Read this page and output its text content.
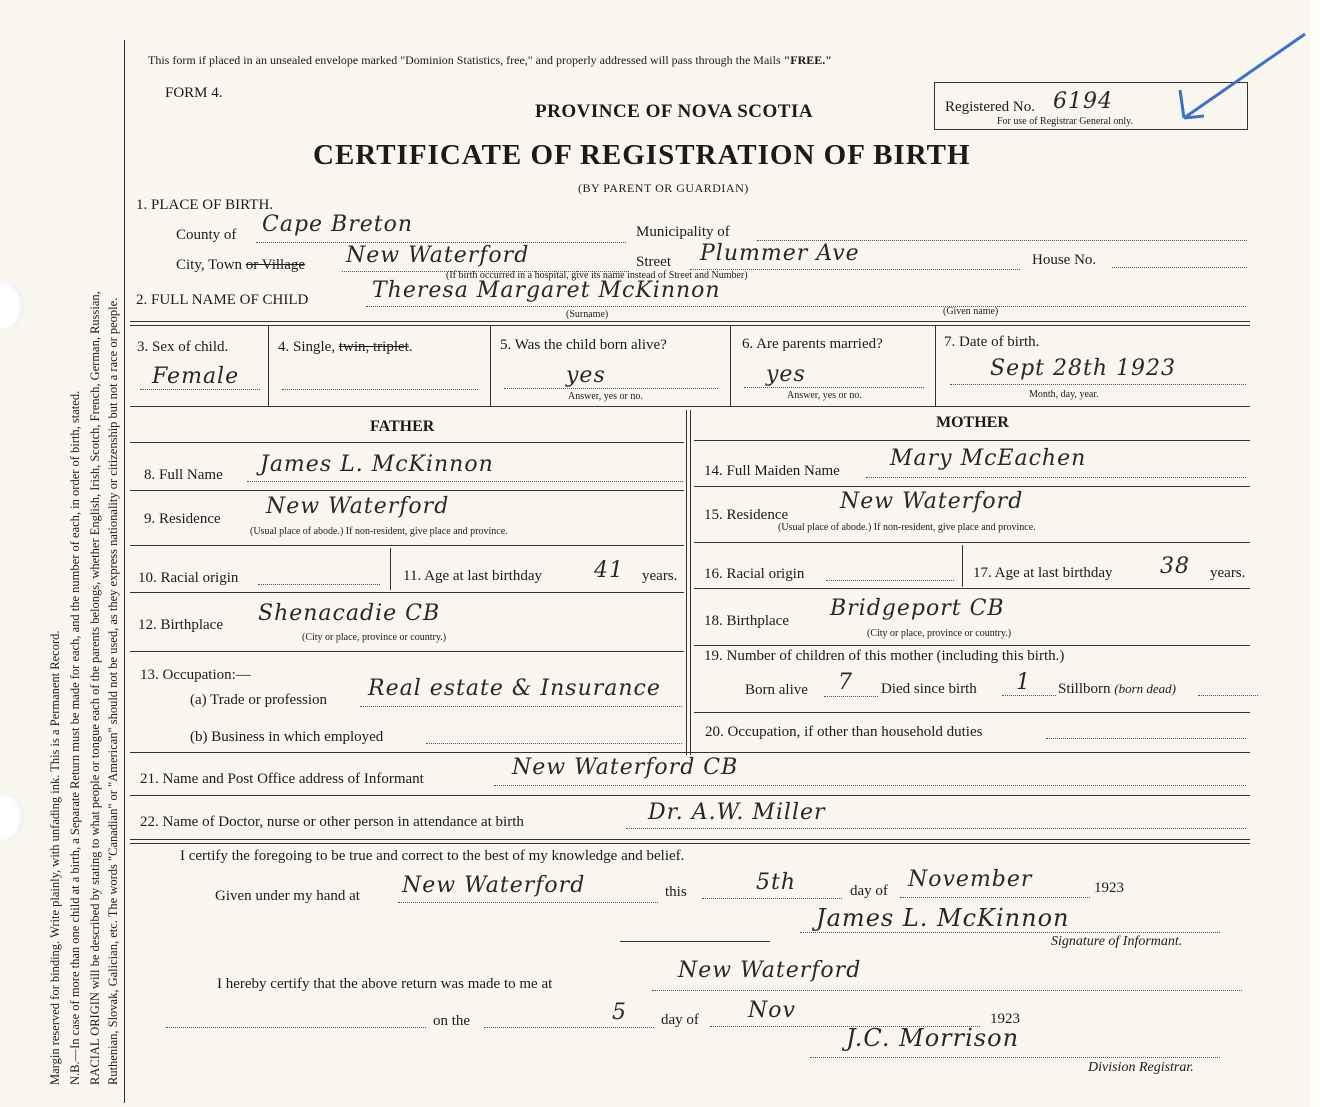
Margin reserved for binding. Write plainly, with unfading ink. This is a Permanent Record. N.B.—In case of more than one child at a birth, a Separate Return must be made for each, and the number of each, in order of birth, stated. RACIAL ORIGIN will be described by stating to what people or tongue each of the parents belongs, whether English, Irish, Scotch, French, German, Russian, Ruthenian, Slovak, Galician, etc. The words "Canadian" or "American" should not be used, as they express nationality or citizenship but not a race or people.
This form if placed in an unsealed envelope marked "Dominion Statistics, free," and properly addressed will pass through the Mails "FREE."
FORM 4.
PROVINCE OF NOVA SCOTIA
CERTIFICATE OF REGISTRATION OF BIRTH
(BY PARENT OR GUARDIAN)
Registered No. 6194
For use of Registrar General only.
1. PLACE OF BIRTH.
County of Cape Breton	Municipality of
City, Town or Village New Waterford	Street Plummer Ave	House No.
(If birth occurred in a hospital, give its name instead of Street and Number)
2. FULL NAME OF CHILD	Theresa Margaret McKinnon
(Surname)	(Given name)
3. Sex of child.
Female
4. Single, twin, triplet.	5. Was the child born alive?
yes
Answer, yes or no.
6. Are parents married?
yes
Answer, yes or no.
7. Date of birth.
Sept 28th 1923
Month, day, year.
FATHER	MOTHER
8. Full Name James L. McKinnon
9. Residence New Waterford
(Usual place of abode.) If non-resident, give place and province.
10. Racial origin	11. Age at last birthday 41 years.
12. Birthplace Shenacadie CB
(City or place, province or country.)
13. Occupation:—
(a) Trade or profession Real estate & Insurance
(b) Business in which employed
14. Full Maiden Name Mary McEachen
15. Residence
New Waterford
(Usual place of abode.) If non-resident, give place and province.
16. Racial origin	17. Age at last birthday 38 years.
18. Birthplace Bridgeport CB
(City or place, province or country.)
19. Number of children of this mother (including this birth.)
Born alive 7 Died since birth 1 Stillborn (born dead)
20. Occupation, if other than household duties
21. Name and Post Office address of Informant	New Waterford CB
22. Name of Doctor, nurse or other person in attendance at birth	Dr. A.W. Miller
I certify the foregoing to be true and correct to the best of my knowledge and belief.
Given under my hand at New Waterford	this	5th	day of November	1923
James L. McKinnon
Signature of Informant.
I hereby certify that the above return was made to me at
New Waterford
on the	5 day of Nov	1923
J.C. Morrison
Division Registrar.
